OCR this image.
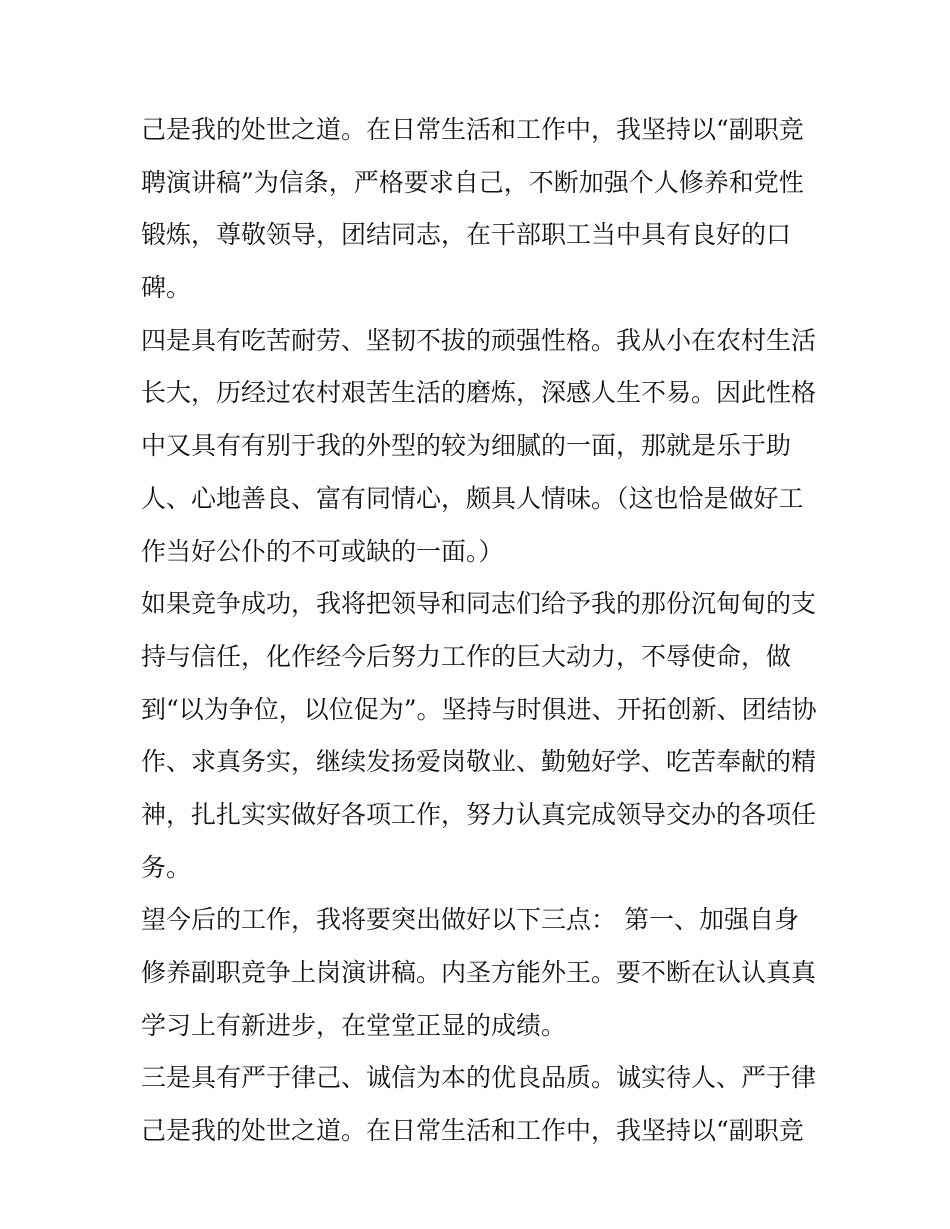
己是我的处世之道。在日常生活和工作中，我坚持以“副职竞
聘演讲稿”为信条，严格要求自己，不断加强个人修养和党性
锻炼，尊敬领导，团结同志，在干部职工当中具有良好的口
碑。
四是具有吃苦耐劳、坚韧不拔的顽强性格。我从小在农村生活
长大，历经过农村艰苦生活的磨炼，深感人生不易。因此性格
中又具有有别于我的外型的较为细腻的一面，那就是乐于助
人、心地善良、富有同情心，颇具人情味。（这也恰是做好工
作当好公仆的不可或缺的一面。）
如果竞争成功，我将把领导和同志们给予我的那份沉甸甸的支
持与信任，化作经今后努力工作的巨大动力，不辱使命，做
到“以为争位，以位促为”。坚持与时俱进、开拓创新、团结协
作、求真务实，继续发扬爱岗敬业、勤勉好学、吃苦奉献的精
神，扎扎实实做好各项工作，努力认真完成领导交办的各项任
务。
望今后的工作，我将要突出做好以下三点： 第一、加强自身
修养副职竞争上岗演讲稿。内圣方能外王。要不断在认认真真
学习上有新进步，在堂堂正显的成绩。
三是具有严于律己、诚信为本的优良品质。诚实待人、严于律
己是我的处世之道。在日常生活和工作中，我坚持以“副职竞
